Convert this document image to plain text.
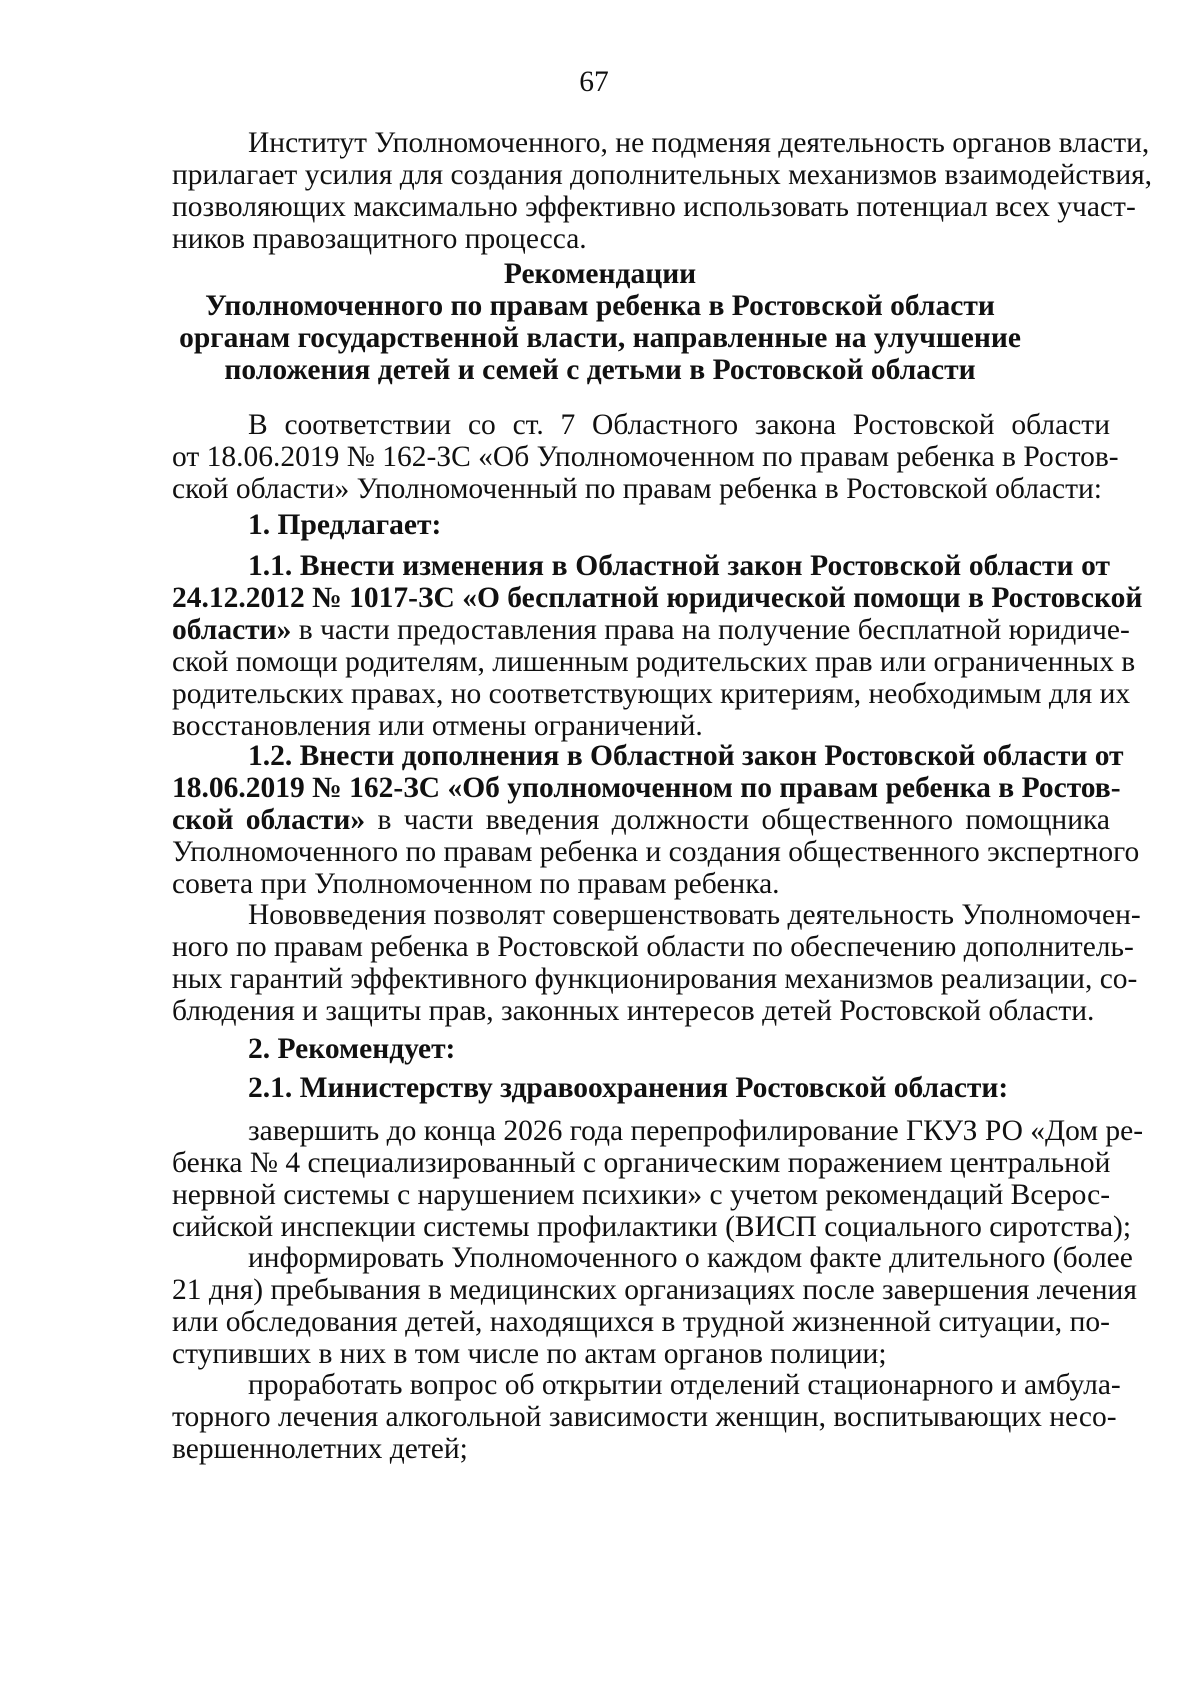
67
Институт Уполномоченного, не подменяя деятельность органов власти,
прилагает усилия для создания дополнительных механизмов взаимодействия,
позволяющих максимально эффективно использовать потенциал всех участ-
ников правозащитного процесса.
Рекомендации
Уполномоченного по правам ребенка в Ростовской области
органам государственной власти, направленные на улучшение
положения детей и семей с детьми в Ростовской области
В соответствии со ст. 7 Областного закона Ростовской области
от 18.06.2019 № 162-ЗС «Об Уполномоченном по правам ребенка в Ростов-
ской области» Уполномоченный по правам ребенка в Ростовской области:
1. Предлагает:
1.1. Внести изменения в Областной закон Ростовской области от
24.12.2012 № 1017-ЗС «О бесплатной юридической помощи в Ростовской
области» в части предоставления права на получение бесплатной юридиче-
ской помощи родителям, лишенным родительских прав или ограниченных в
родительских правах, но соответствующих критериям, необходимым для их
восстановления или отмены ограничений.
1.2. Внести дополнения в Областной закон Ростовской области от
18.06.2019 № 162-ЗС «Об уполномоченном по правам ребенка в Ростов-
ской области» в части введения должности общественного помощника
Уполномоченного по правам ребенка и создания общественного экспертного
совета при Уполномоченном по правам ребенка.
Нововведения позволят совершенствовать деятельность Уполномочен-
ного по правам ребенка в Ростовской области по обеспечению дополнитель-
ных гарантий эффективного функционирования механизмов реализации, со-
блюдения и защиты прав, законных интересов детей Ростовской области.
2. Рекомендует:
2.1. Министерству здравоохранения Ростовской области:
завершить до конца 2026 года перепрофилирование ГКУЗ РО «Дом ре-
бенка № 4 специализированный с органическим поражением центральной
нервной системы с нарушением психики» с учетом рекомендаций Всерос-
сийской инспекции системы профилактики (ВИСП социального сиротства);
информировать Уполномоченного о каждом факте длительного (более
21 дня) пребывания в медицинских организациях после завершения лечения
или обследования детей, находящихся в трудной жизненной ситуации, по-
ступивших в них в том числе по актам органов полиции;
проработать вопрос об открытии отделений стационарного и амбула-
торного лечения алкогольной зависимости женщин, воспитывающих несо-
вершеннолетних детей;
